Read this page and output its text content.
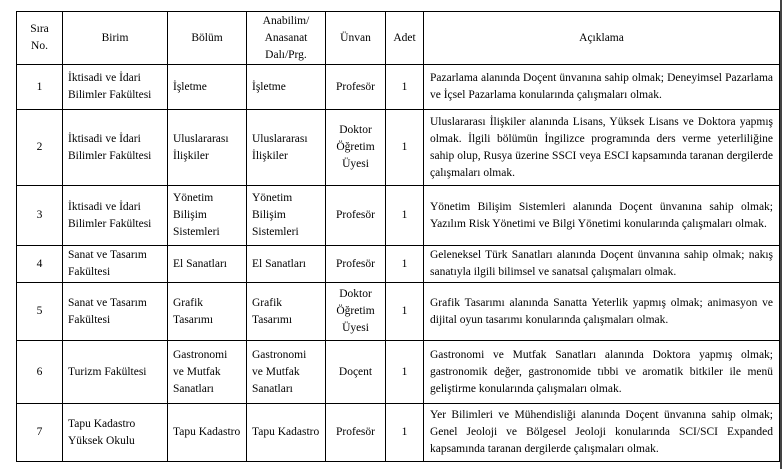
Sıra No.	Birim	Bölüm	Anabilim/ Anasanat Dalı/Prg.	Ünvan	Adet	Açıklama
1	İktisadi ve İdari Bilimler Fakültesi	İşletme	İşletme	Profesör	1	Pazarlama alanında Doçent ünvanına sahip olmak; Deneyimsel Pazarlama ve İçsel Pazarlama konularında çalışmaları olmak.
2	İktisadi ve İdari Bilimler Fakültesi	Uluslararası İlişkiler	Uluslararası İlişkiler	Doktor Öğretim Üyesi	1	Uluslararası İlişkiler alanında Lisans, Yüksek Lisans ve Doktora yapmış olmak. İlgili bölümün İngilizce programında ders verme yeterliliğine sahip olup, Rusya üzerine SSCI veya ESCI kapsamında taranan dergilerde çalışmaları olmak.
3	İktisadi ve İdari Bilimler Fakültesi	Yönetim Bilişim Sistemleri	Yönetim Bilişim Sistemleri	Profesör	1	Yönetim Bilişim Sistemleri alanında Doçent ünvanına sahip olmak; Yazılım Risk Yönetimi ve Bilgi Yönetimi konularında çalışmaları olmak.
4	Sanat ve Tasarım Fakültesi	El Sanatları	El Sanatları	Profesör	1	Geleneksel Türk Sanatları alanında Doçent ünvanına sahip olmak; nakış sanatıyla ilgili bilimsel ve sanatsal çalışmaları olmak.
5	Sanat ve Tasarım Fakültesi	Grafik Tasarımı	Grafik Tasarımı	Doktor Öğretim Üyesi	1	Grafik Tasarımı alanında Sanatta Yeterlik yapmış olmak; animasyon ve dijital oyun tasarımı konularında çalışmaları olmak.
6	Turizm Fakültesi	Gastronomi ve Mutfak Sanatları	Gastronomi ve Mutfak Sanatları	Doçent	1	Gastronomi ve Mutfak Sanatları alanında Doktora yapmış olmak; gastronomik değer, gastronomide tıbbi ve aromatik bitkiler ile menü geliştirme konularında çalışmaları olmak.
7	Tapu Kadastro Yüksek Okulu	Tapu Kadastro	Tapu Kadastro	Profesör	1	Yer Bilimleri ve Mühendisliği alanında Doçent ünvanına sahip olmak; Genel Jeoloji ve Bölgesel Jeoloji konularında SCI/SCI Expanded kapsamında taranan dergilerde çalışmaları olmak.
